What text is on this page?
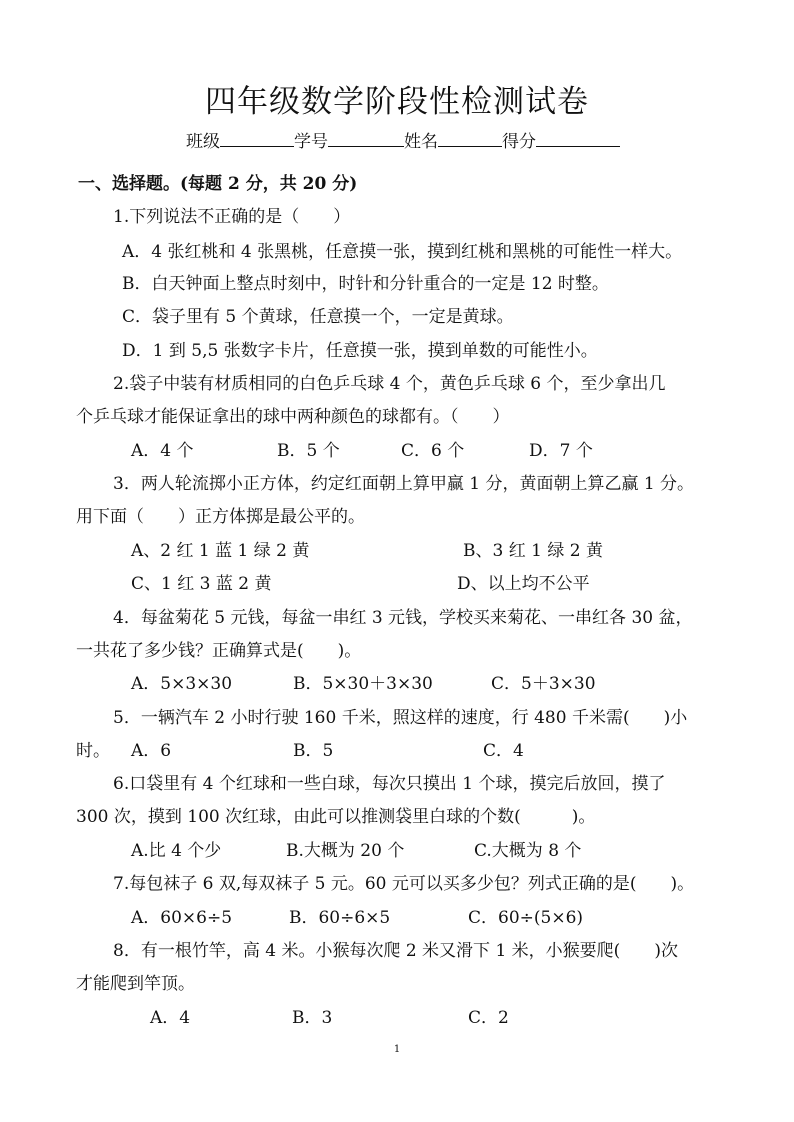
四年级数学阶段性检测试卷
班级	学号	姓名	得分
一、选择题。(每题 2 分，共 20 分)
1.下列说法不正确的是（　　）
A．4 张红桃和 4 张黑桃，任意摸一张，摸到红桃和黑桃的可能性一样大。
B．白天钟面上整点时刻中，时针和分针重合的一定是 12 时整。
C．袋子里有 5 个黄球，任意摸一个，一定是黄球。
D．1 到 5,5 张数字卡片，任意摸一张，摸到单数的可能性小。
2.袋子中装有材质相同的白色乒乓球 4 个，黄色乒乓球 6 个，至少拿出几
个乒乓球才能保证拿出的球中两种颜色的球都有。（　　）
A．4 个	B．5 个	C．6 个	D．7 个
3．两人轮流掷小正方体，约定红面朝上算甲赢 1 分，黄面朝上算乙赢 1 分。
用下面（　　）正方体掷是最公平的。
A、2 红 1 蓝 1 绿 2 黄	B、3 红 1 绿 2 黄
C、1 红 3 蓝 2 黄	D、以上均不公平
4．每盆菊花 5 元钱，每盆一串红 3 元钱，学校买来菊花、一串红各 30 盆，
一共花了多少钱？正确算式是(　　)。
A．5×3×30	B．5×30＋3×30	C．5＋3×30
5．一辆汽车 2 小时行驶 160 千米，照这样的速度，行 480 千米需(　　)小
时。 A．6	B．5	C．4
6.口袋里有 4 个红球和一些白球，每次只摸出 1 个球，摸完后放回，摸了
300 次，摸到 100 次红球，由此可以推测袋里白球的个数(　　　)。
A.比 4 个少	B.大概为 20 个	C.大概为 8 个
7.每包袜子 6 双,每双袜子 5 元。60 元可以买多少包？列式正确的是(　　)。
A．60×6÷5	B．60÷6×5	C．60÷(5×6)
8．有一根竹竿，高 4 米。小猴每次爬 2 米又滑下 1 米，小猴要爬(　　)次
才能爬到竿顶。
A．4	B．3	C．2
1
